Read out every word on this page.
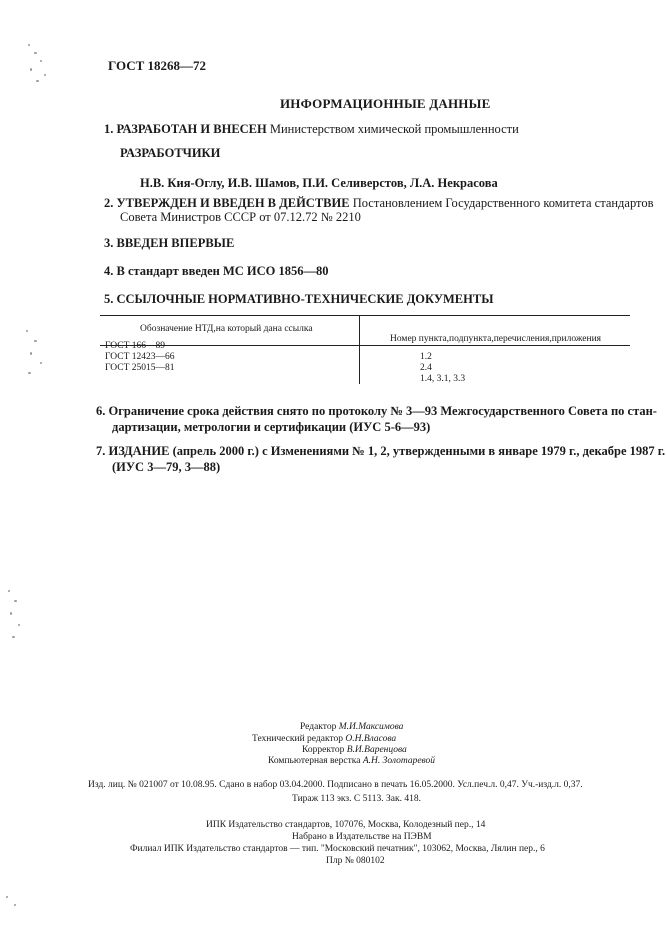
ГОСТ 18268—72
ИНФОРМАЦИОННЫЕ ДАННЫЕ
1. РАЗРАБОТАН И ВНЕСЕН Министерством химической промышленности
РАЗРАБОТЧИКИ
Н.В. Кия-Оглу, И.В. Шамов, П.И. Селиверстов, Л.А. Некрасова
2. УТВЕРЖДЕН И ВВЕДЕН В ДЕЙСТВИЕ Постановлением Государственного комитета стандартов
Совета Министров СССР от 07.12.72 № 2210
3. ВВЕДЕН ВПЕРВЫЕ
4. В стандарт введен МС ИСО 1856—80
5. ССЫЛОЧНЫЕ НОРМАТИВНО-ТЕХНИЧЕСКИЕ ДОКУМЕНТЫ
Обозначение НТД,на который дана ссылка
Номер пункта,подпункта,перечисления,приложения
ГОСТ 166—89
ГОСТ 12423—66
ГОСТ 25015—81
1.2
2.4
1.4, 3.1, 3.3
6. Ограничение срока действия снято по протоколу № 3—93 Межгосударственного Совета по стан-
дартизации, метрологии и сертификации (ИУС 5-6—93)
7. ИЗДАНИЕ (апрель 2000 г.) с Изменениями № 1, 2, утвержденными в январе 1979 г., декабре 1987 г.
(ИУС 3—79, 3—88)
Редактор М.И.Максимова
Технический редактор О.Н.Власова
Корректор В.И.Варенцова
Компьютерная верстка А.Н. Золотаревой
Изд. лиц. № 021007 от 10.08.95. Сдано в набор 03.04.2000. Подписано в печать 16.05.2000. Усл.печ.л. 0,47. Уч.-изд.л. 0,37.
Тираж 113 экз. С 5113. Зак. 418.
ИПК Издательство стандартов, 107076, Москва, Колодезный пер., 14
Набрано в Издательстве на ПЭВМ
Филиал ИПК Издательство стандартов — тип. "Московский печатник", 103062, Москва, Лялин пер., 6
Плр № 080102
